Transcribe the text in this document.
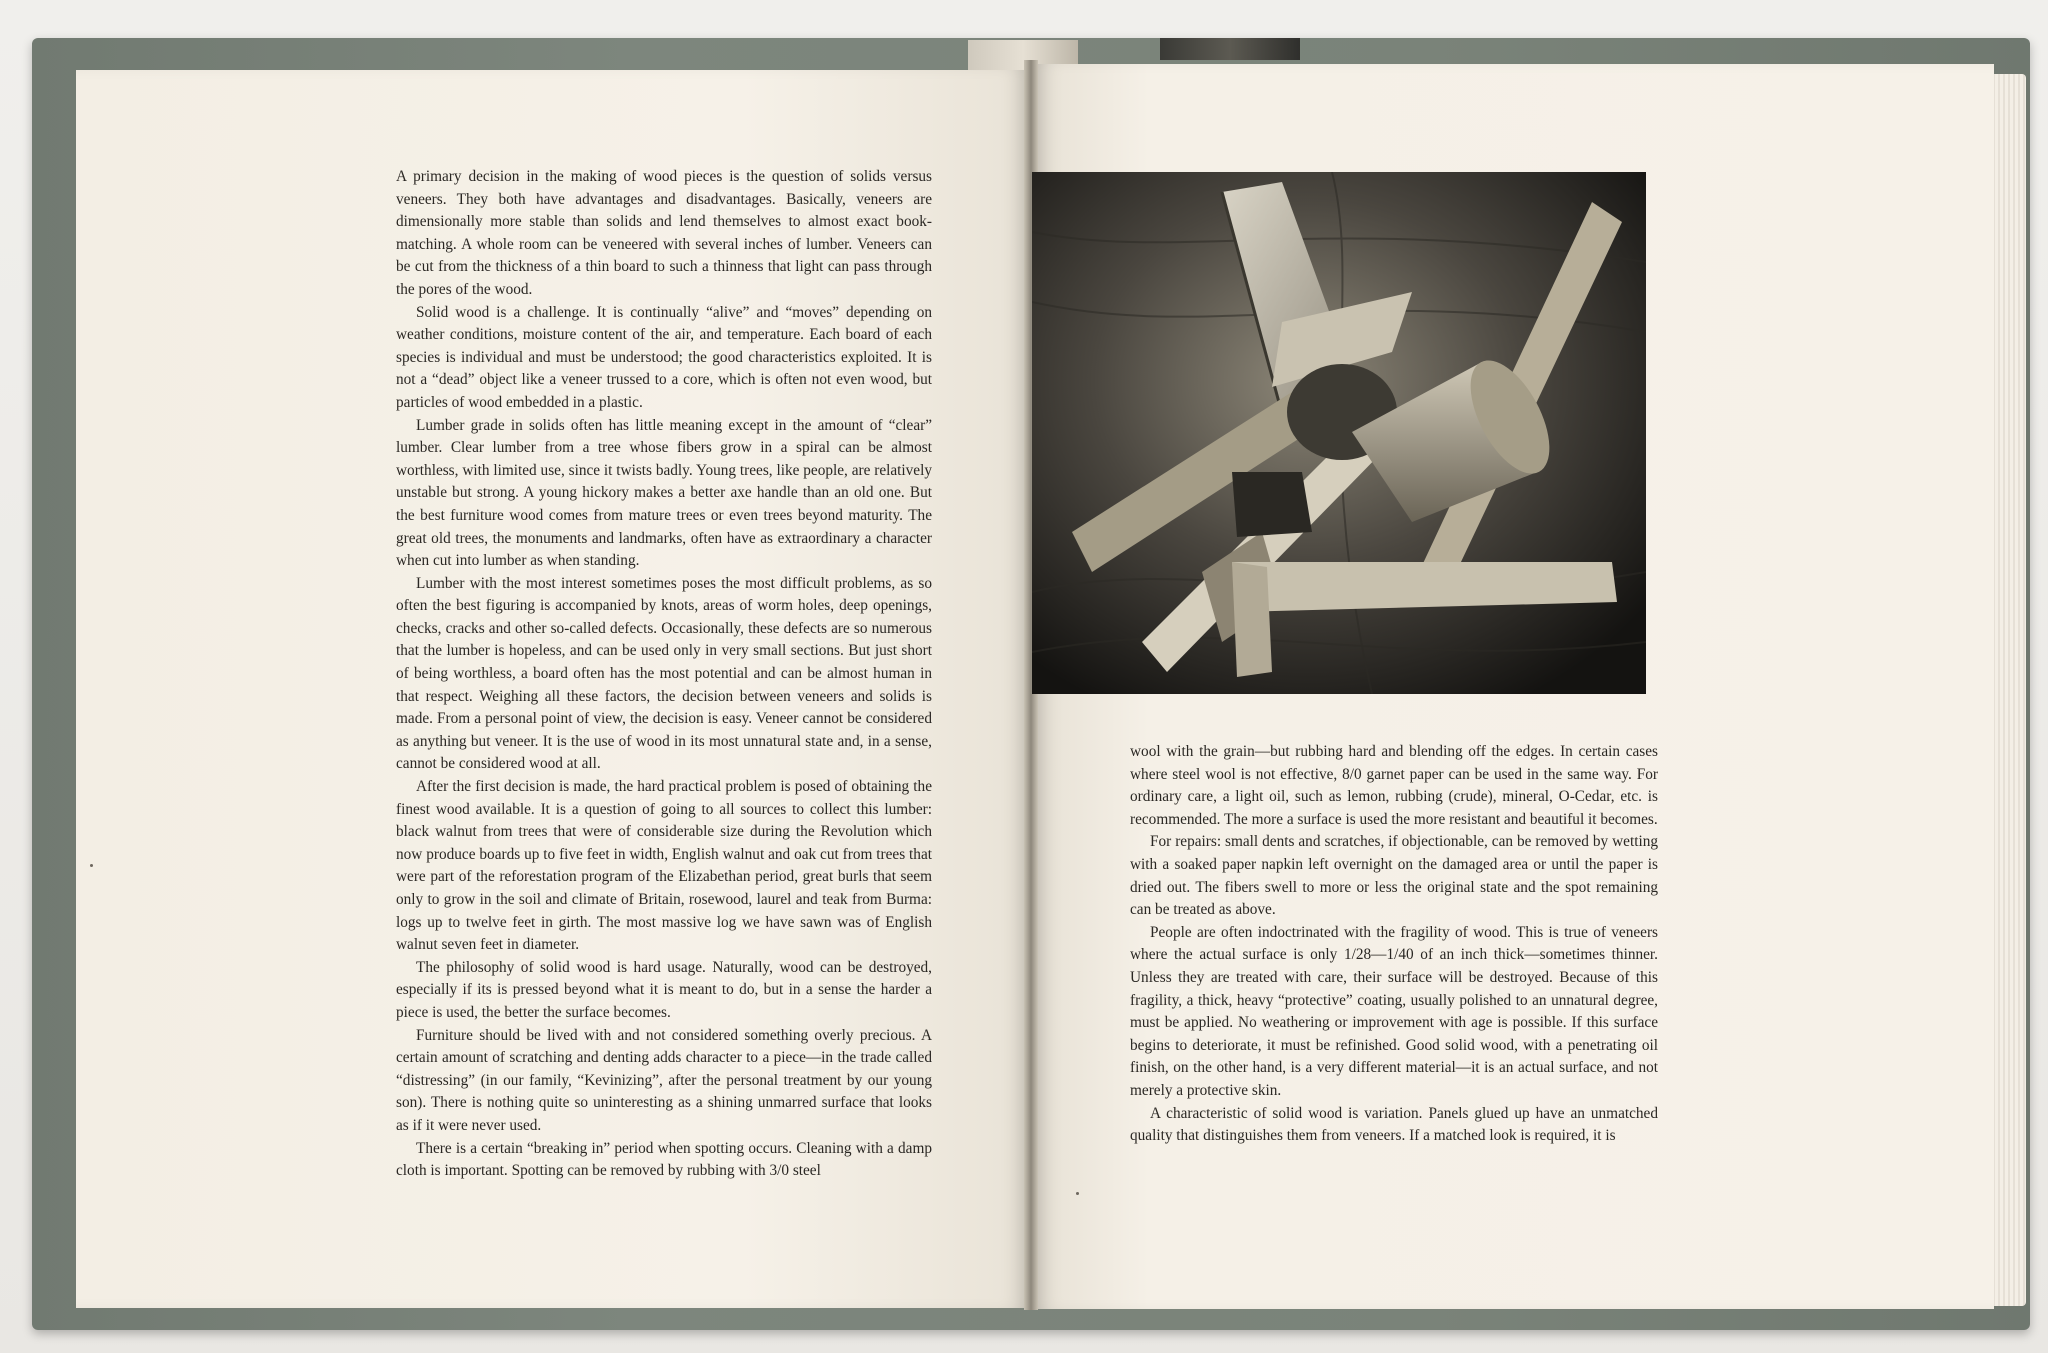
A primary decision in the making of wood pieces is the question of solids versus veneers. They both have advantages and disadvantages. Basically, veneers are dimensionally more stable than solids and lend themselves to almost exact book-matching. A whole room can be veneered with several inches of lumber. Veneers can be cut from the thickness of a thin board to such a thinness that light can pass through the pores of the wood.

Solid wood is a challenge. It is continually “alive” and “moves” depending on weather conditions, moisture content of the air, and temperature. Each board of each species is individual and must be understood; the good characteristics exploited. It is not a “dead” object like a veneer trussed to a core, which is often not even wood, but particles of wood embedded in a plastic.

Lumber grade in solids often has little meaning except in the amount of “clear” lumber. Clear lumber from a tree whose fibers grow in a spiral can be almost worthless, with limited use, since it twists badly. Young trees, like people, are relatively unstable but strong. A young hickory makes a better axe handle than an old one. But the best furniture wood comes from mature trees or even trees beyond maturity. The great old trees, the monuments and landmarks, often have as extraordinary a character when cut into lumber as when standing.

Lumber with the most interest sometimes poses the most difficult problems, as so often the best figuring is accompanied by knots, areas of worm holes, deep openings, checks, cracks and other so-called defects. Occasionally, these defects are so numerous that the lumber is hopeless, and can be used only in very small sections. But just short of being worthless, a board often has the most potential and can be almost human in that respect. Weighing all these factors, the decision between veneers and solids is made. From a personal point of view, the decision is easy. Veneer cannot be considered as anything but veneer. It is the use of wood in its most unnatural state and, in a sense, cannot be considered wood at all.

After the first decision is made, the hard practical problem is posed of obtaining the finest wood available. It is a question of going to all sources to collect this lumber: black walnut from trees that were of considerable size during the Revolution which now produce boards up to five feet in width, English walnut and oak cut from trees that were part of the reforestation program of the Elizabethan period, great burls that seem only to grow in the soil and climate of Britain, rosewood, laurel and teak from Burma: logs up to twelve feet in girth. The most massive log we have sawn was of English walnut seven feet in diameter.

The philosophy of solid wood is hard usage. Naturally, wood can be destroyed, especially if its is pressed beyond what it is meant to do, but in a sense the harder a piece is used, the better the surface becomes.

Furniture should be lived with and not considered something overly precious. A certain amount of scratching and denting adds character to a piece—in the trade called “distressing” (in our family, “Kevinizing”, after the personal treatment by our young son). There is nothing quite so uninteresting as a shining unmarred surface that looks as if it were never used.

There is a certain “breaking in” period when spotting occurs. Cleaning with a damp cloth is important. Spotting can be removed by rubbing with 3/0 steel

wool with the grain—but rubbing hard and blending off the edges. In certain cases where steel wool is not effective, 8/0 garnet paper can be used in the same way. For ordinary care, a light oil, such as lemon, rubbing (crude), mineral, O-Cedar, etc. is recommended. The more a surface is used the more resistant and beautiful it becomes.

For repairs: small dents and scratches, if objectionable, can be removed by wetting with a soaked paper napkin left overnight on the damaged area or until the paper is dried out. The fibers swell to more or less the original state and the spot remaining can be treated as above.

People are often indoctrinated with the fragility of wood. This is true of veneers where the actual surface is only 1/28—1/40 of an inch thick—sometimes thinner. Unless they are treated with care, their surface will be destroyed. Because of this fragility, a thick, heavy “protective” coating, usually polished to an unnatural degree, must be applied. No weathering or improvement with age is possible. If this surface begins to deteriorate, it must be refinished. Good solid wood, with a penetrating oil finish, on the other hand, is a very different material—it is an actual surface, and not merely a protective skin.

A characteristic of solid wood is variation. Panels glued up have an unmatched quality that distinguishes them from veneers. If a matched look is required, it is
